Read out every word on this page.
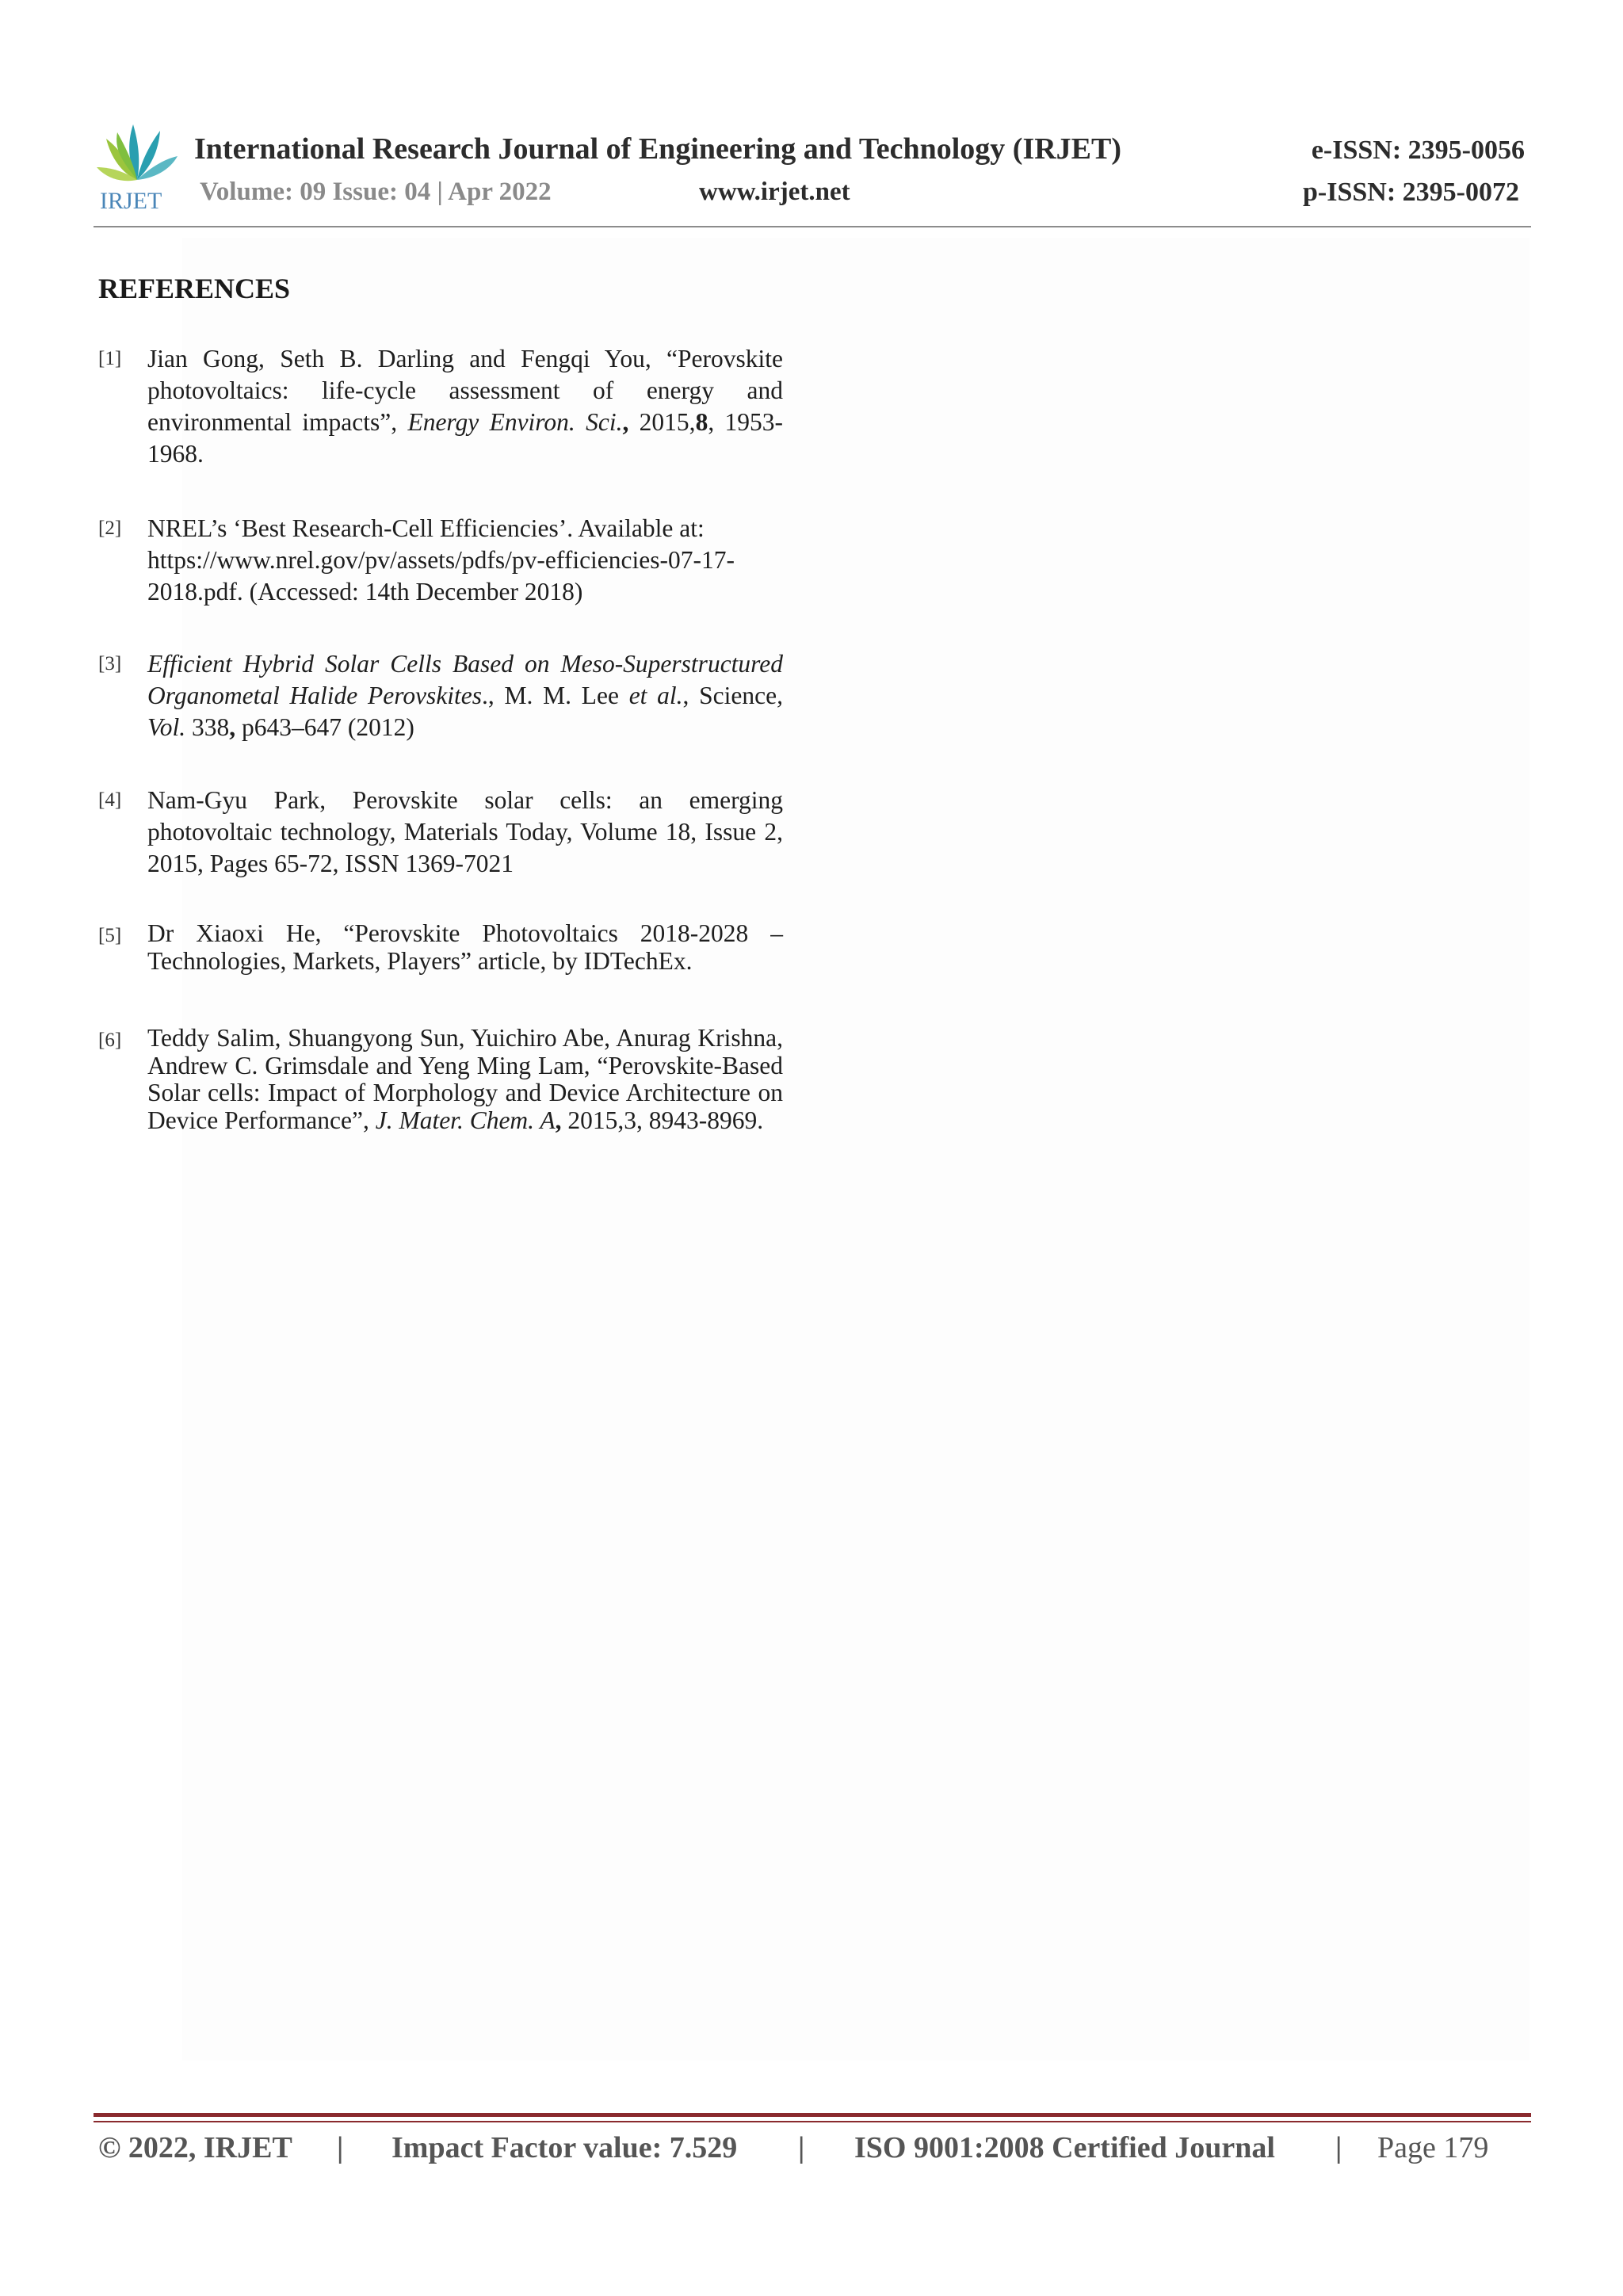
IRJET
International Research Journal of Engineering and Technology (IRJET)	e-ISSN: 2395-0056
Volume: 09 Issue: 04 | Apr 2022	www.irjet.net	p-ISSN: 2395-0072
REFERENCES
[1] Jian Gong, Seth B. Darling and Fengqi You, “Perovskite photovoltaics: life-cycle assessment of energy and environmental impacts”, Energy Environ. Sci., 2015,8, 1953-1968.
[2] NREL’s ‘Best Research-Cell Efficiencies’. Available at: https://www.nrel.gov/pv/assets/pdfs/pv-efficiencies-07-17-2018.pdf. (Accessed: 14th December 2018)
[3] Efficient Hybrid Solar Cells Based on Meso-Superstructured Organometal Halide Perovskites., M. M. Lee et al., Science, Vol. 338, p643–647 (2012)
[4] Nam-Gyu Park, Perovskite solar cells: an emerging photovoltaic technology, Materials Today, Volume 18, Issue 2, 2015, Pages 65-72, ISSN 1369-7021
[5] Dr Xiaoxi He, “Perovskite Photovoltaics 2018-2028 – Technologies, Markets, Players” article, by IDTechEx.
[6] Teddy Salim, Shuangyong Sun, Yuichiro Abe, Anurag Krishna, Andrew C. Grimsdale and Yeng Ming Lam, “Perovskite-Based Solar cells: Impact of Morphology and Device Architecture on Device Performance”, J. Mater. Chem. A, 2015,3, 8943-8969.
© 2022, IRJET | Impact Factor value: 7.529 | ISO 9001:2008 Certified Journal | Page 179
